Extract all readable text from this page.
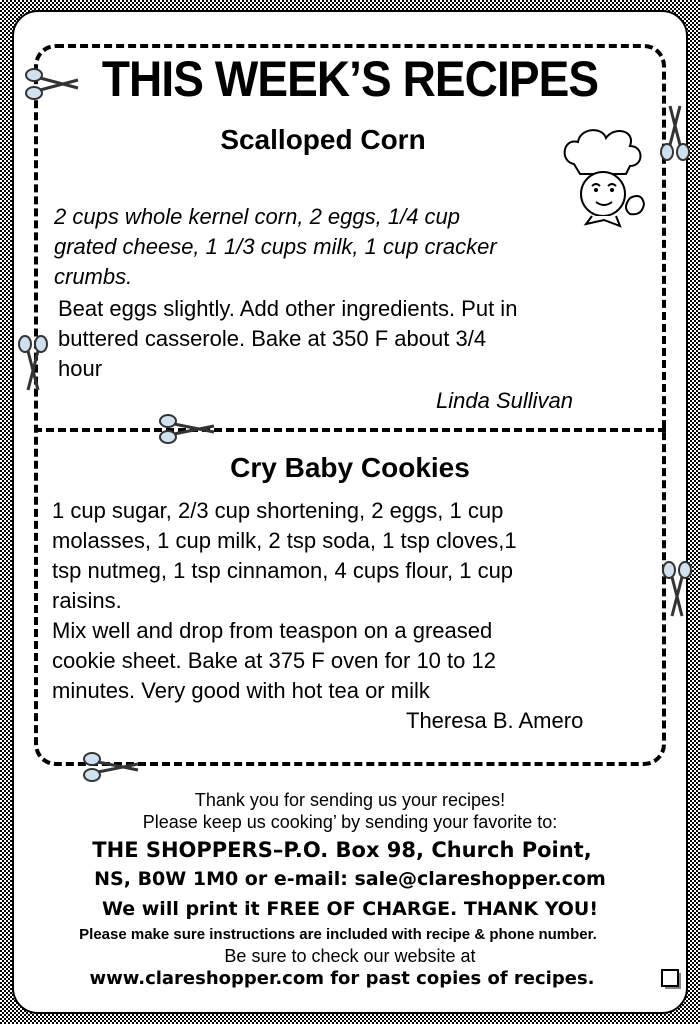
THIS WEEK’S RECIPES
Scalloped Corn
2 cups whole kernel corn, 2 eggs, 1/4 cup
grated cheese, 1 1/3 cups milk, 1 cup cracker
crumbs.
Beat eggs slightly. Add other ingredients. Put in
buttered casserole. Bake at 350 F about 3/4
hour
Linda Sullivan
Cry Baby Cookies
1 cup sugar, 2/3 cup shortening, 2 eggs, 1 cup
molasses, 1 cup milk, 2 tsp soda, 1 tsp cloves,1
tsp nutmeg, 1 tsp cinnamon, 4 cups flour, 1 cup
raisins.
Mix well and drop from teaspon on a greased
cookie sheet. Bake at 375 F oven for 10 to 12
minutes. Very good with hot tea or milk
Theresa B. Amero
Thank you for sending us your recipes!
Please keep us cooking’ by sending your favorite to:
THE SHOPPERS–P.O. Box 98, Church Point,
NS, B0W 1M0 or e-mail: sale@clareshopper.com
We will print it FREE OF CHARGE. THANK YOU!
Please make sure instructions are included with recipe & phone number.
Be sure to check our website at
www.clareshopper.com for past copies of recipes.
